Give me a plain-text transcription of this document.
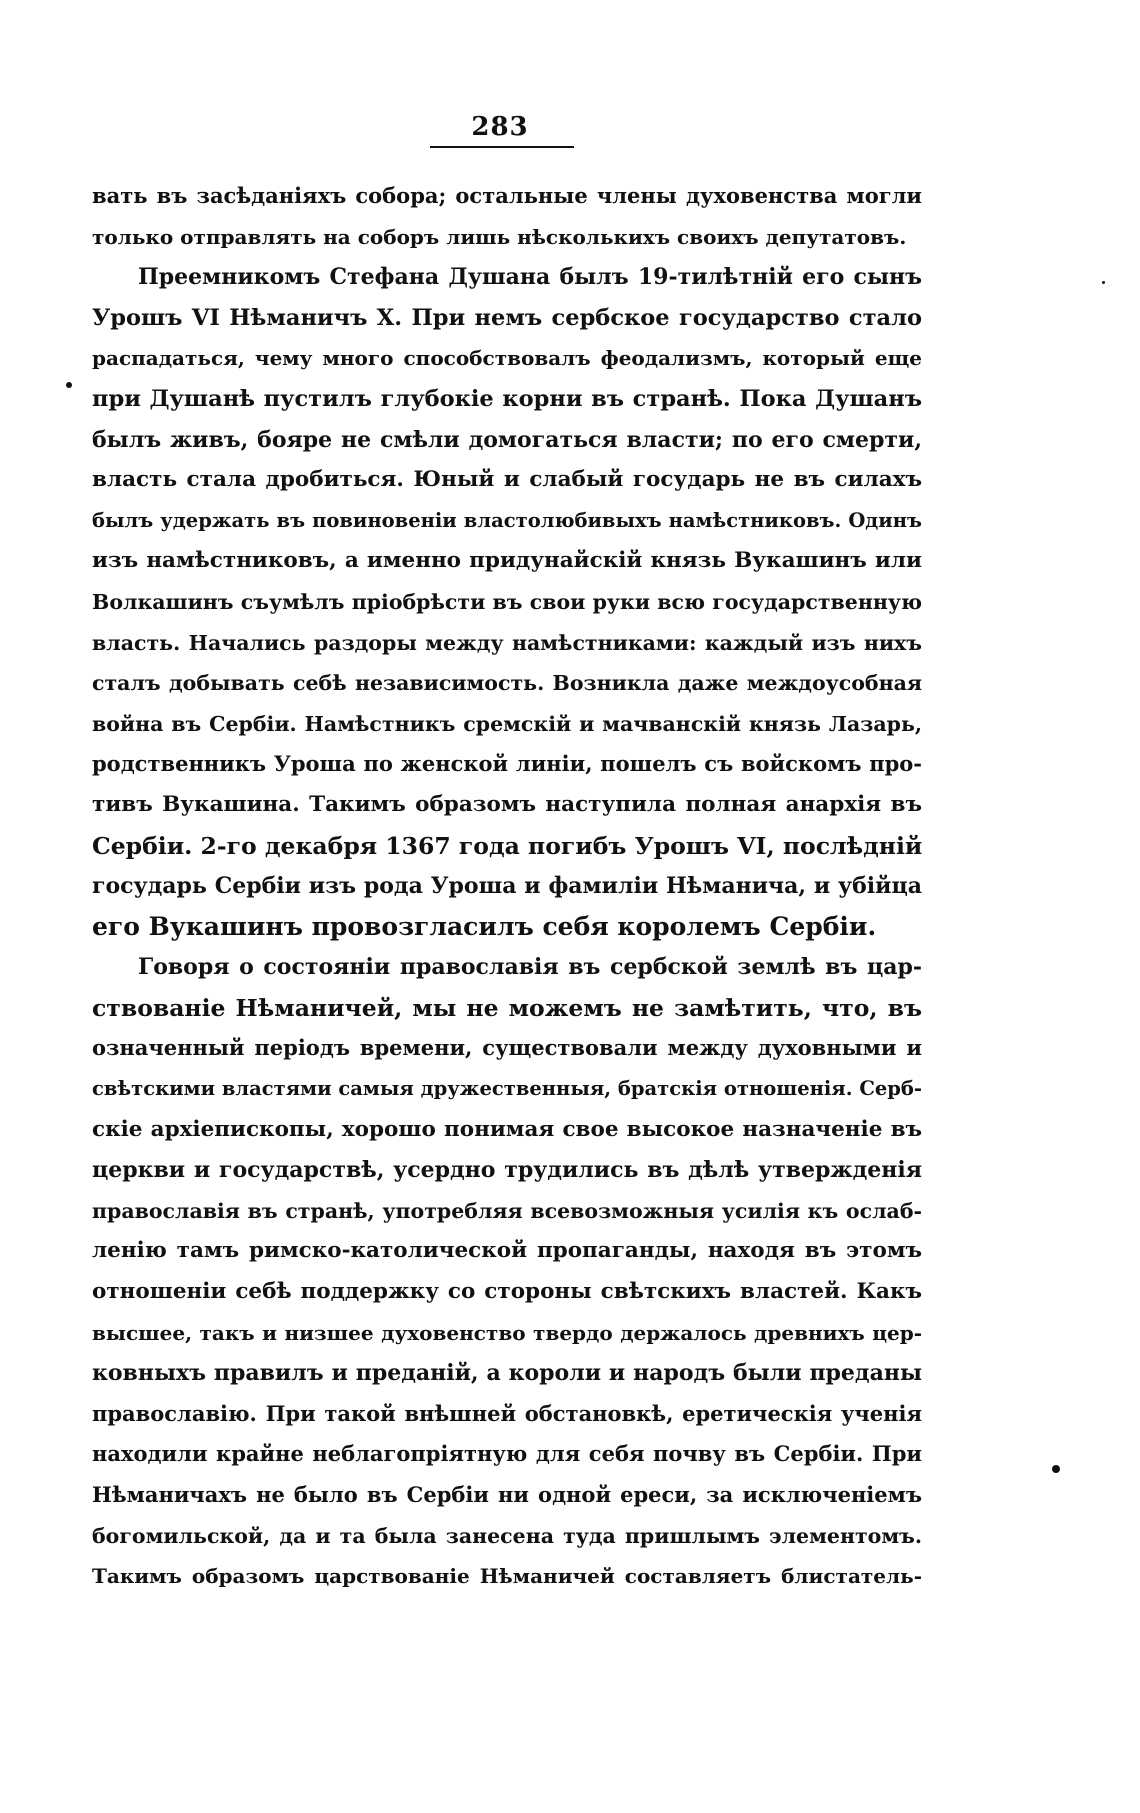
283
вать въ засѣданіяхъ собора; остальные члены духовенства могли
только отправлять на соборъ лишь нѣсколькихъ своихъ депутатовъ.
Преемникомъ Стефана Душана былъ 19-тилѣтній его сынъ
Урошъ VI Нѣманичъ X. При немъ сербское государство стало
распадаться, чему много способствовалъ феодализмъ, который еще
при Душанѣ пустилъ глубокіе корни въ странѣ. Пока Душанъ
былъ живъ, бояре не смѣли домогаться власти; по его смерти,
власть стала дробиться. Юный и слабый государь не въ силахъ
былъ удержать въ повиновеніи властолюбивыхъ намѣстниковъ. Одинъ
изъ намѣстниковъ, а именно придунайскій князь Вукашинъ или
Волкашинъ съумѣлъ пріобрѣсти въ свои руки всю государственную
власть. Начались раздоры между намѣстниками: каждый изъ нихъ
сталъ добывать себѣ независимость. Возникла даже междоусобная
война въ Сербіи. Намѣстникъ сремскій и мачванскій князь Лазарь,
родственникъ Уроша по женской линіи, пошелъ съ войскомъ про-
тивъ Вукашина. Такимъ образомъ наступила полная анархія въ
Сербіи. 2-го декабря 1367 года погибъ Урошъ VI, послѣдній
государь Сербіи изъ рода Уроша и фамиліи Нѣманича, и убійца
его Вукашинъ провозгласилъ себя королемъ Сербіи.
Говоря о состояніи православія въ сербской землѣ въ цар-
ствованіе Нѣманичей, мы не можемъ не замѣтить, что, въ
означенный періодъ времени, существовали между духовными и
свѣтскими властями самыя дружественныя, братскія отношенія. Серб-
скіе архіепископы, хорошо понимая свое высокое назначеніе въ
церкви и государствѣ, усердно трудились въ дѣлѣ утвержденія
православія въ странѣ, употребляя всевозможныя усилія къ ослаб-
ленію тамъ римско-католической пропаганды, находя въ этомъ
отношеніи себѣ поддержку со стороны свѣтскихъ властей. Какъ
высшее, такъ и низшее духовенство твердо держалось древнихъ цер-
ковныхъ правилъ и преданій, а короли и народъ были преданы
православію. При такой внѣшней обстановкѣ, еретическія ученія
находили крайне неблагопріятную для себя почву въ Сербіи. При
Нѣманичахъ не было въ Сербіи ни одной ереси, за исключеніемъ
богомильской, да и та была занесена туда пришлымъ элементомъ.
Такимъ образомъ царствованіе Нѣманичей составляетъ блистатель-
